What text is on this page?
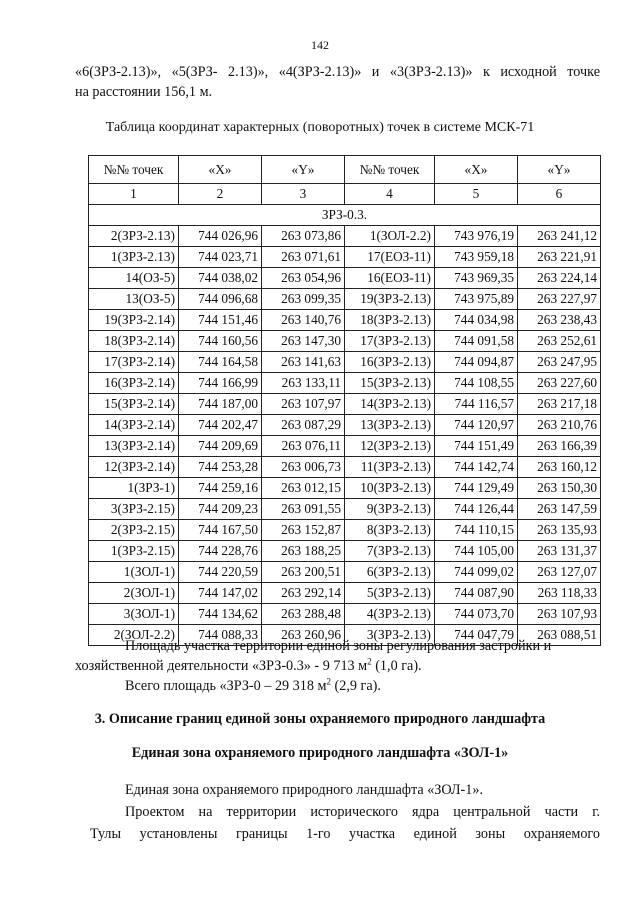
142
«6(ЗРЗ-2.13)», «5(ЗРЗ- 2.13)», «4(ЗРЗ-2.13)» и «3(ЗРЗ-2.13)» к исходной точке
на расстоянии 156,1 м.
Таблица координат характерных (поворотных) точек в системе МСК-71
№№ точек	«X»	«Y»	№№ точек	«X»	«Y»
1	2	3	4	5	6
ЗРЗ-0.3.					
2(ЗРЗ-2.13)	744 026,96	263 073,86	1(ЗОЛ-2.2)	743 976,19	263 241,12
1(ЗРЗ-2.13)	744 023,71	263 071,61	17(ЕОЗ-11)	743 959,18	263 221,91
14(ОЗ-5)	744 038,02	263 054,96	16(ЕОЗ-11)	743 969,35	263 224,14
13(ОЗ-5)	744 096,68	263 099,35	19(ЗРЗ-2.13)	743 975,89	263 227,97
19(ЗРЗ-2.14)	744 151,46	263 140,76	18(ЗРЗ-2.13)	744 034,98	263 238,43
18(ЗРЗ-2.14)	744 160,56	263 147,30	17(ЗРЗ-2.13)	744 091,58	263 252,61
17(ЗРЗ-2.14)	744 164,58	263 141,63	16(ЗРЗ-2.13)	744 094,87	263 247,95
16(ЗРЗ-2.14)	744 166,99	263 133,11	15(ЗРЗ-2.13)	744 108,55	263 227,60
15(ЗРЗ-2.14)	744 187,00	263 107,97	14(ЗРЗ-2.13)	744 116,57	263 217,18
14(ЗРЗ-2.14)	744 202,47	263 087,29	13(ЗРЗ-2.13)	744 120,97	263 210,76
13(ЗРЗ-2.14)	744 209,69	263 076,11	12(ЗРЗ-2.13)	744 151,49	263 166,39
12(ЗРЗ-2.14)	744 253,28	263 006,73	11(ЗРЗ-2.13)	744 142,74	263 160,12
1(ЗРЗ-1)	744 259,16	263 012,15	10(ЗРЗ-2.13)	744 129,49	263 150,30
3(ЗРЗ-2.15)	744 209,23	263 091,55	9(ЗРЗ-2.13)	744 126,44	263 147,59
2(ЗРЗ-2.15)	744 167,50	263 152,87	8(ЗРЗ-2.13)	744 110,15	263 135,93
1(ЗРЗ-2.15)	744 228,76	263 188,25	7(ЗРЗ-2.13)	744 105,00	263 131,37
1(ЗОЛ-1)	744 220,59	263 200,51	6(ЗРЗ-2.13)	744 099,02	263 127,07
2(ЗОЛ-1)	744 147,02	263 292,14	5(ЗРЗ-2.13)	744 087,90	263 118,33
3(ЗОЛ-1)	744 134,62	263 288,48	4(ЗРЗ-2.13)	744 073,70	263 107,93
2(ЗОЛ-2.2)	744 088,33	263 260,96	3(ЗРЗ-2.13)	744 047,79	263 088,51
Площадь участка территории единой зоны регулирования застройки и
хозяйственной деятельности «ЗРЗ-0.3» - 9 713 $м^2$ (1,0 га).
Всего площадь «ЗРЗ-0 – 29 318 $м^2$ (2,9 га).
3. Описание границ единой зоны охраняемого природного ландшафта
Единая зона охраняемого природного ландшафта «ЗОЛ-1»
Единая зона охраняемого природного ландшафта «ЗОЛ-1».
Проектом на территории исторического ядра центральной части г.
Тулы установлены границы 1-го участка единой зоны охраняемого
